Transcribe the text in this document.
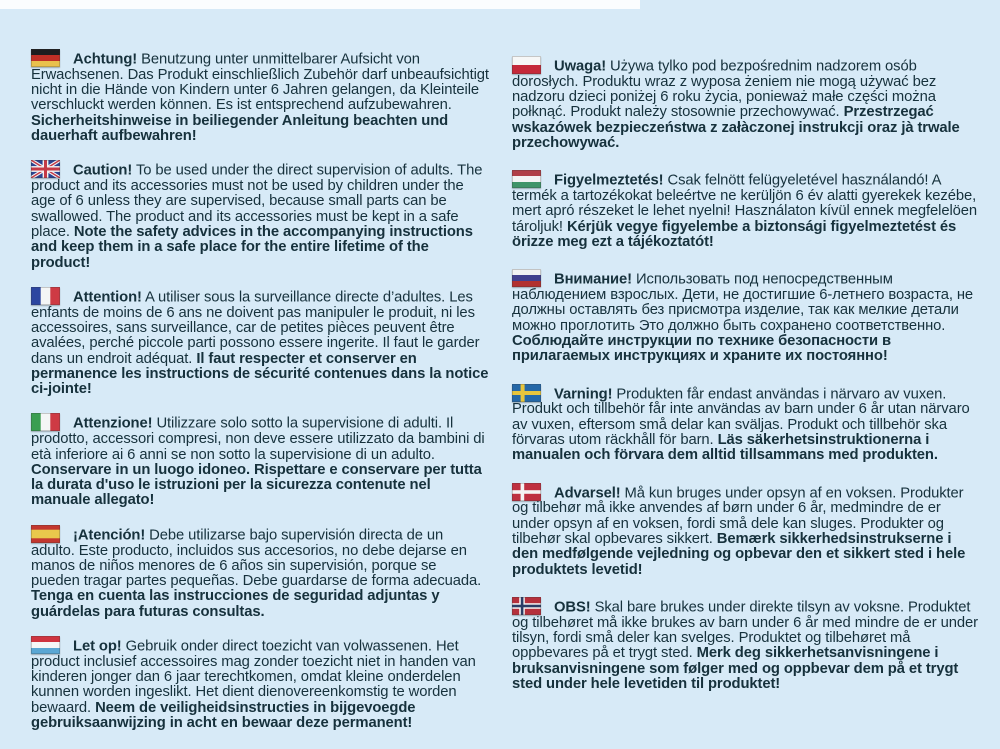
Achtung! Benutzung unter unmittelbarer Aufsicht von Erwachsenen. Das Produkt einschließlich Zubehör darf unbeaufsichtigt nicht in die Hände von Kindern unter 6 Jahren gelangen, da Kleinteile verschluckt werden können. Es ist entsprechend aufzubewahren. Sicherheitshinweise in beiliegender Anleitung beachten und dauerhaft aufbewahren!
Caution! To be used under the direct supervision of adults. The product and its accessories must not be used by children under the age of 6 unless they are supervised, because small parts can be swallowed. The product and its accessories must be kept in a safe place. Note the safety advices in the accompanying instructions and keep them in a safe place for the entire lifetime of the product!
Attention! A utiliser sous la surveillance directe d’adultes. Les enfants de moins de 6 ans ne doivent pas manipuler le produit, ni les accessoires, sans surveillance, car de petites pièces peuvent être avalées, perché piccole parti possono essere ingerite. Il faut le garder dans un endroit adéquat. Il faut respecter et conserver en permanence les instructions de sécurité contenues dans la notice ci-jointe!
Attenzione! Utilizzare solo sotto la supervisione di adulti. Il prodotto, accessori compresi, non deve essere utilizzato da bambini di età inferiore ai 6 anni se non sotto la supervisione di un adulto. Conservare in un luogo idoneo. Rispettare e conservare per tutta la durata d'uso le istruzioni per la sicurezza contenute nel manuale allegato!
¡Atención! Debe utilizarse bajo supervisión directa de un adulto. Este producto, incluidos sus accesorios, no debe dejarse en manos de niños menores de 6 años sin supervisión, porque se pueden tragar partes pequeñas. Debe guardarse de forma adecuada. Tenga en cuenta las instrucciones de seguridad adjuntas y guárdelas para futuras consultas.
Let op! Gebruik onder direct toezicht van volwassenen. Het product inclusief accessoires mag zonder toezicht niet in handen van kinderen jonger dan 6 jaar terechtkomen, omdat kleine onderdelen kunnen worden ingeslikt. Het dient dienovereenkomstig te worden bewaard. Neem de veiligheidsinstructies in bijgevoegde gebruiksaanwijzing in acht en bewaar deze permanent!
Uwaga! Używa tylko pod bezpośrednim nadzorem osób dorosłych. Produktu wraz z wyposa żeniem nie mogą używać bez nadzoru dzieci poniżej 6 roku życia, ponieważ małe części można połknąć. Produkt należy stosownie przechowywać. Przestrzegać wskazówek bezpieczeństwa z załàczonej instrukcji oraz jà trwale przechowywać.
Figyelmeztetés! Csak felnött felügyeletével használandó! A termék a tartozékokat beleértve ne kerüljön 6 év alatti gyerekek kezébe, mert apró részeket le lehet nyelni! Használaton kívül ennek megfelelöen tároljuk! Kérjük vegye figyelembe a biztonsági figyelmeztetést és örizze meg ezt a tájékoztatót!
Внимание! Использовать под непосредственным наблюдением взрослых. Дети, не достигшие 6-летнего возраста, не должны оставлять без присмотра изделие, так как мелкие детали можно проглотить Это должно быть сохранено соответственно. Соблюдайте инструкции по технике безопасности в прилагаемых инструкциях и храните их постоянно!
Varning! Produkten får endast användas i närvaro av vuxen. Produkt och tillbehör får inte användas av barn under 6 år utan närvaro av vuxen, eftersom små delar kan sväljas. Produkt och tillbehör ska förvaras utom räckhåll för barn. Läs säkerhetsinstruktionerna i manualen och förvara dem alltid tillsammans med produkten.
Advarsel! Må kun bruges under opsyn af en voksen. Produkter og tilbehør må ikke anvendes af børn under 6 år, medmindre de er under opsyn af en voksen, fordi små dele kan sluges. Produkter og tilbehør skal opbevares sikkert. Bemærk sikkerhedsinstrukserne i den medfølgende vejledning og opbevar den et sikkert sted i hele produktets levetid!
OBS! Skal bare brukes under direkte tilsyn av voksne. Produktet og tilbehøret må ikke brukes av barn under 6 år med mindre de er under tilsyn, fordi små deler kan svelges. Produktet og tilbehøret må oppbevares på et trygt sted. Merk deg sikkerhetsanvisningene i bruksanvisningene som følger med og oppbevar dem på et trygt sted under hele levetiden til produktet!
